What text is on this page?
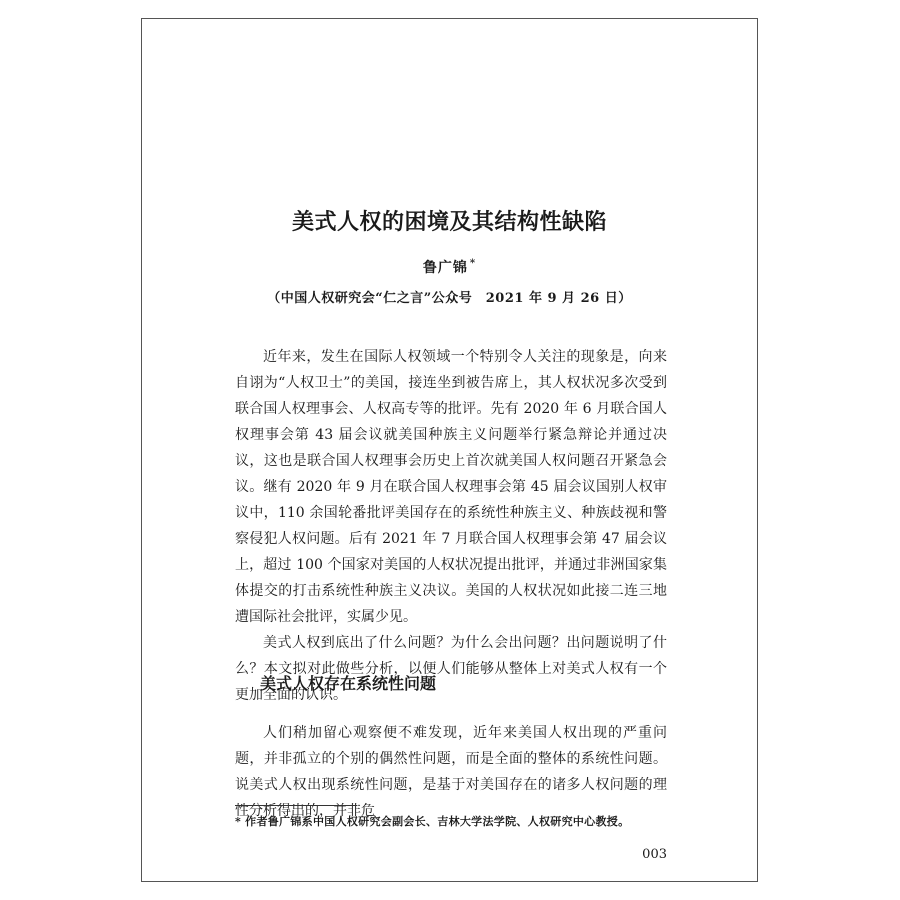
美式人权的困境及其结构性缺陷
鲁广锦 *
（中国人权研究会“仁之言”公众号　2021 年 9 月 26 日）

近年来，发生在国际人权领域一个特别令人关注的现象是，向来自诩为“人权卫士”的美国，接连坐到被告席上，其人权状况多次受到联合国人权理事会、人权高专等的批评。先有 2020 年 6 月联合国人权理事会第 43 届会议就美国种族主义问题举行紧急辩论并通过决议，这也是联合国人权理事会历史上首次就美国人权问题召开紧急会议。继有 2020 年 9 月在联合国人权理事会第 45 届会议国别人权审议中，110 余国轮番批评美国存在的系统性种族主义、种族歧视和警察侵犯人权问题。后有 2021 年 7 月联合国人权理事会第 47 届会议上，超过 100 个国家对美国的人权状况提出批评，并通过非洲国家集体提交的打击系统性种族主义决议。美国的人权状况如此接二连三地遭国际社会批评，实属少见。

美式人权到底出了什么问题？为什么会出问题？出问题说明了什么？本文拟对此做些分析，以便人们能够从整体上对美式人权有一个更加全面的认识。

美式人权存在系统性问题

人们稍加留心观察便不难发现，近年来美国人权出现的严重问题，并非孤立的个别的偶然性问题，而是全面的整体的系统性问题。说美式人权出现系统性问题，是基于对美国存在的诸多人权问题的理性分析得出的，并非危

* 作者鲁广锦系中国人权研究会副会长、吉林大学法学院、人权研究中心教授。
003
